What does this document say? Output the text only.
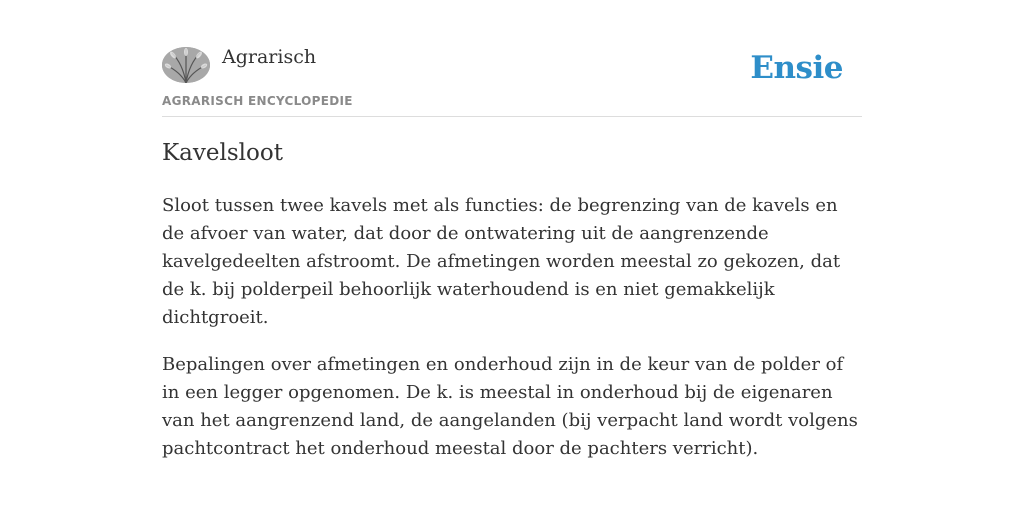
Agrarisch
AGRARISCH ENCYCLOPEDIE
Ensie
Kavelsloot

Sloot tussen twee kavels met als functies: de begrenzing van de kavels en de afvoer van water, dat door de ontwatering uit de aangrenzende kavelgedeelten afstroomt. De afmetingen worden meestal zo gekozen, dat de k. bij polderpeil behoorlijk waterhoudend is en niet gemakkelijk dichtgroeit.

Bepalingen over afmetingen en onderhoud zijn in de keur van de polder of in een legger opgenomen. De k. is meestal in onderhoud bij de eigenaren van het aangrenzend land, de aangelanden (bij verpacht land wordt volgens pachtcontract het onderhoud meestal door de pachters verricht).
